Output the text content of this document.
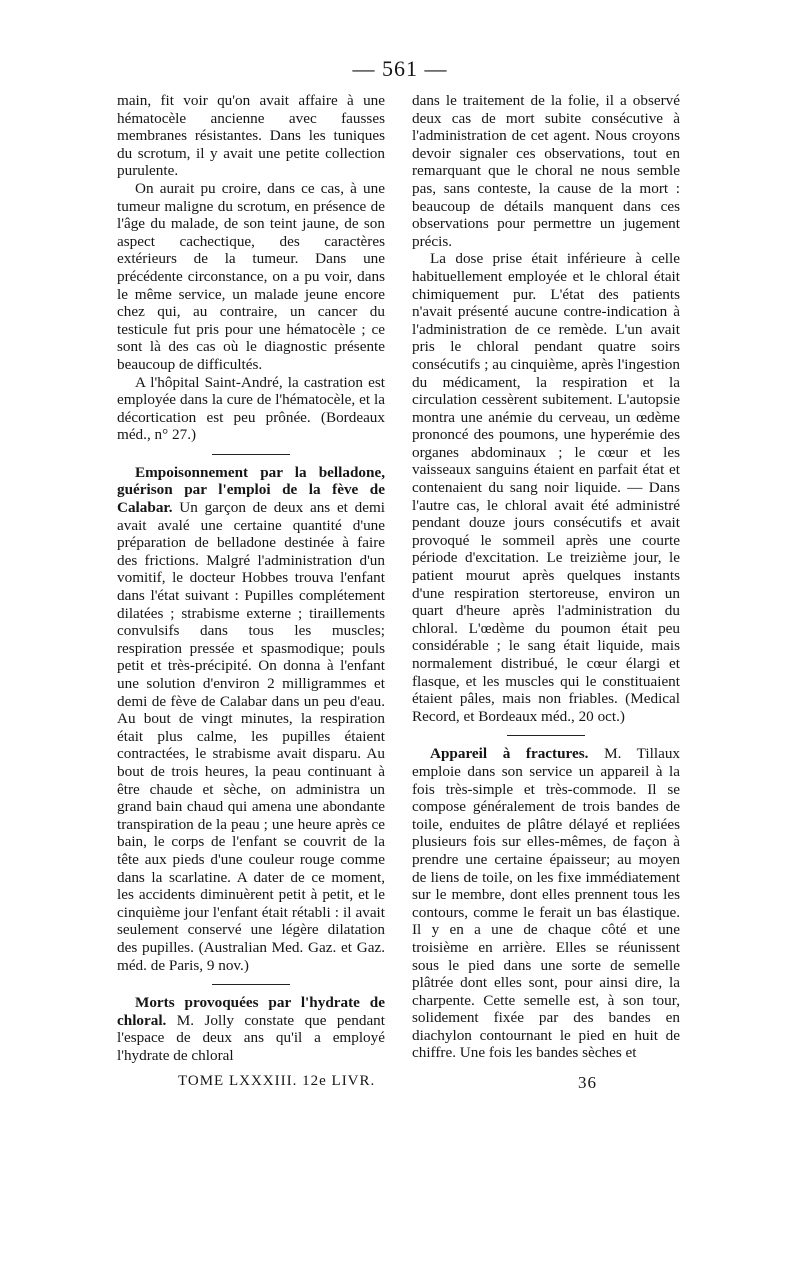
— 561 —

main, fit voir qu'on avait affaire à une hématocèle ancienne avec fausses membranes résistantes. Dans les tuniques du scrotum, il y avait une petite collection purulente.

On aurait pu croire, dans ce cas, à une tumeur maligne du scrotum, en présence de l'âge du malade, de son teint jaune, de son aspect cachectique, des caractères extérieurs de la tumeur. Dans une précédente circonstance, on a pu voir, dans le même service, un malade jeune encore chez qui, au contraire, un cancer du testicule fut pris pour une hématocèle ; ce sont là des cas où le diagnostic présente beaucoup de difficultés.

A l'hôpital Saint-André, la castration est employée dans la cure de l'hématocèle, et la décortication est peu prônée. (Bordeaux méd., n° 27.)

Empoisonnement par la belladone, guérison par l'emploi de la fève de Calabar. Un garçon de deux ans et demi avait avalé une certaine quantité d'une préparation de belladone destinée à faire des frictions. Malgré l'administration d'un vomitif, le docteur Hobbes trouva l'enfant dans l'état suivant : Pupilles complétement dilatées ; strabisme externe ; tiraillements convulsifs dans tous les muscles; respiration pressée et spasmodique; pouls petit et très-précipité. On donna à l'enfant une solution d'environ 2 milligrammes et demi de fève de Calabar dans un peu d'eau. Au bout de vingt minutes, la respiration était plus calme, les pupilles étaient contractées, le strabisme avait disparu. Au bout de trois heures, la peau continuant à être chaude et sèche, on administra un grand bain chaud qui amena une abondante transpiration de la peau ; une heure après ce bain, le corps de l'enfant se couvrit de la tête aux pieds d'une couleur rouge comme dans la scarlatine. A dater de ce moment, les accidents diminuèrent petit à petit, et le cinquième jour l'enfant était rétabli : il avait seulement conservé une légère dilatation des pupilles. (Australian Med. Gaz. et Gaz. méd. de Paris, 9 nov.)

Morts provoquées par l'hydrate de chloral. M. Jolly constate que pendant l'espace de deux ans qu'il a employé l'hydrate de chloral

dans le traitement de la folie, il a observé deux cas de mort subite consécutive à l'administration de cet agent. Nous croyons devoir signaler ces observations, tout en remarquant que le choral ne nous semble pas, sans conteste, la cause de la mort : beaucoup de détails manquent dans ces observations pour permettre un jugement précis.

La dose prise était inférieure à celle habituellement employée et le chloral était chimiquement pur. L'état des patients n'avait présenté aucune contre-indication à l'administration de ce remède. L'un avait pris le chloral pendant quatre soirs consécutifs ; au cinquième, après l'ingestion du médicament, la respiration et la circulation cessèrent subitement. L'autopsie montra une anémie du cerveau, un œdème prononcé des poumons, une hyperémie des organes abdominaux ; le cœur et les vaisseaux sanguins étaient en parfait état et contenaient du sang noir liquide. — Dans l'autre cas, le chloral avait été administré pendant douze jours consécutifs et avait provoqué le sommeil après une courte période d'excitation. Le treizième jour, le patient mourut après quelques instants d'une respiration stertoreuse, environ un quart d'heure après l'administration du chloral. L'œdème du poumon était peu considérable ; le sang était liquide, mais normalement distribué, le cœur élargi et flasque, et les muscles qui le constituaient étaient pâles, mais non friables. (Medical Record, et Bordeaux méd., 20 oct.)

Appareil à fractures. M. Tillaux emploie dans son service un appareil à la fois très-simple et très-commode. Il se compose généralement de trois bandes de toile, enduites de plâtre délayé et repliées plusieurs fois sur elles-mêmes, de façon à prendre une certaine épaisseur; au moyen de liens de toile, on les fixe immédiatement sur le membre, dont elles prennent tous les contours, comme le ferait un bas élastique. Il y en a une de chaque côté et une troisième en arrière. Elles se réunissent sous le pied dans une sorte de semelle plâtrée dont elles sont, pour ainsi dire, la charpente. Cette semelle est, à son tour, solidement fixée par des bandes en diachylon contournant le pied en huit de chiffre. Une fois les bandes sèches et

TOME LXXXIII. 12e LIVR.	36
